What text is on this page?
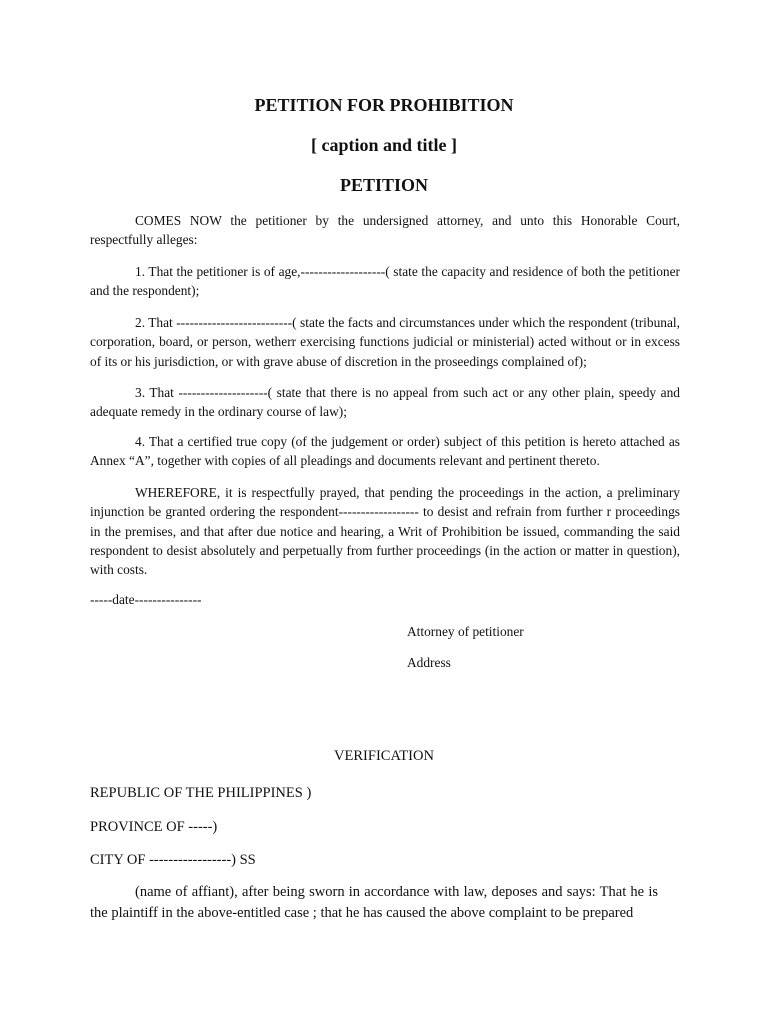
PETITION FOR PROHIBITION
[ caption and title ]
PETITION

COMES NOW the petitioner by the undersigned attorney, and unto this Honorable Court, respectfully alleges:

1. That the petitioner is of age,-------------------( state the capacity and residence of both the petitioner and the respondent);

2. That --------------------------( state the facts and circumstances under which the respondent (tribunal, corporation, board, or person, wetherr exercising functions judicial or ministerial) acted without or in excess of its or his jurisdiction, or with grave abuse of discretion in the proseedings complained of);

3. That --------------------( state that there is no appeal from such act or any other plain, speedy and adequate remedy in the ordinary course of law);

4. That a certified true copy (of the judgement or order) subject of this petition is hereto attached as Annex “A”, together with copies of all pleadings and documents relevant and pertinent thereto.

WHEREFORE, it is respectfully prayed, that pending the proceedings in the action, a preliminary injunction be granted ordering the respondent------------------ to desist and refrain from further r proceedings in the premises, and that after due notice and hearing, a Writ of Prohibition be issued, commanding the said respondent to desist absolutely and perpetually from further proceedings (in the action or matter in question), with costs.

-----date---------------

Attorney of petitioner

Address

VERIFICATION

REPUBLIC OF THE PHILIPPINES )

PROVINCE OF -----)

CITY OF -----------------) SS

(name of affiant), after being sworn in accordance with law, deposes and says: That he is the plaintiff in the above-entitled case ; that he has caused the above complaint to be prepared
